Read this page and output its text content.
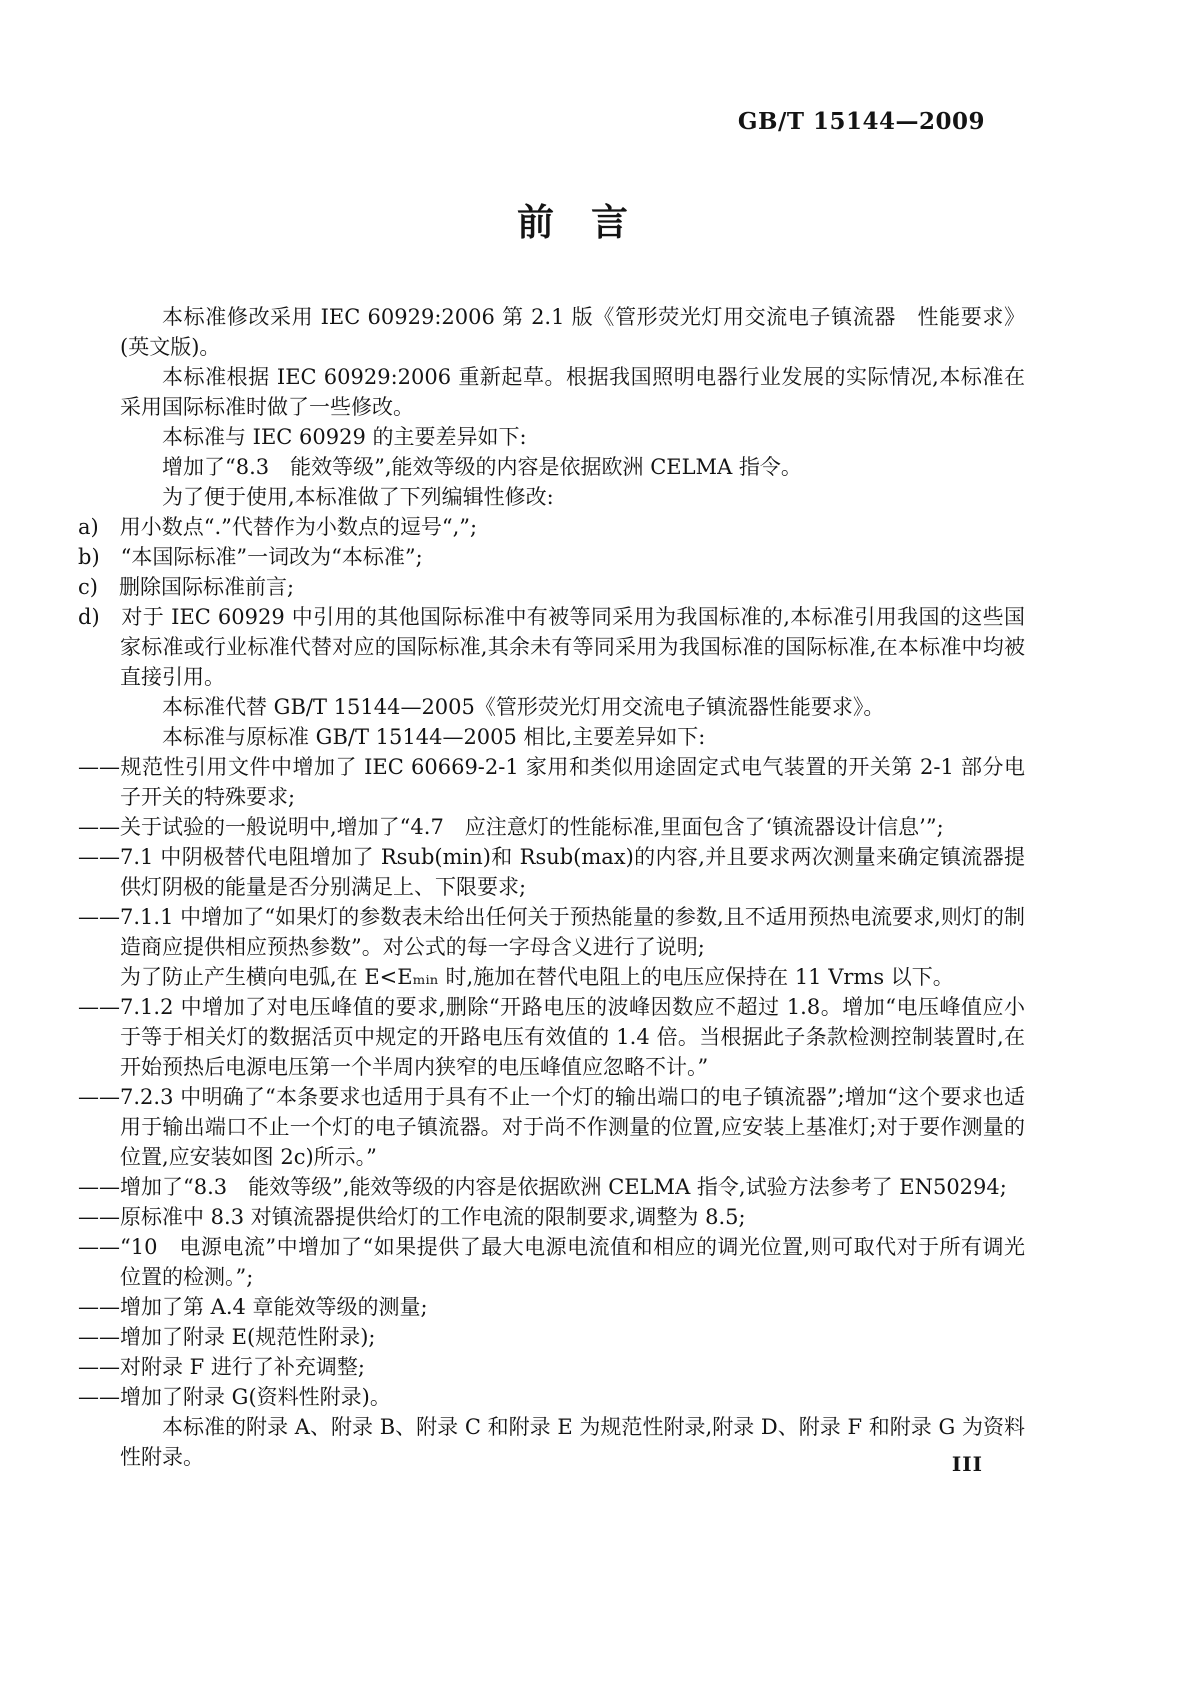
GB/T 15144—2009
前　言

本标准修改采用 IEC 60929:2006 第 2.1 版《管形荧光灯用交流电子镇流器　性能要求》(英文版)。

本标准根据 IEC 60929:2006 重新起草。根据我国照明电器行业发展的实际情况,本标准在采用国际标准时做了一些修改。

本标准与 IEC 60929 的主要差异如下:

增加了“8.3　能效等级”,能效等级的内容是依据欧洲 CELMA 指令。

为了便于使用,本标准做了下列编辑性修改:

a)　用小数点“.”代替作为小数点的逗号“,”;

b)　“本国际标准”一词改为“本标准”;

c)　删除国际标准前言;

d)　对于 IEC 60929 中引用的其他国际标准中有被等同采用为我国标准的,本标准引用我国的这些国家标准或行业标准代替对应的国际标准,其余未有等同采用为我国标准的国际标准,在本标准中均被直接引用。

本标准代替 GB/T 15144—2005《管形荧光灯用交流电子镇流器性能要求》。

本标准与原标准 GB/T 15144—2005 相比,主要差异如下:

——规范性引用文件中增加了 IEC 60669-2-1 家用和类似用途固定式电气装置的开关第 2-1 部分电子开关的特殊要求;

——关于试验的一般说明中,增加了“4.7　应注意灯的性能标准,里面包含了‘镇流器设计信息’”;

——7.1 中阴极替代电阻增加了 Rsub(min)和 Rsub(max)的内容,并且要求两次测量来确定镇流器提供灯阴极的能量是否分别满足上、下限要求;

——7.1.1 中增加了“如果灯的参数表未给出任何关于预热能量的参数,且不适用预热电流要求,则灯的制造商应提供相应预热参数”。对公式的每一字母含义进行了说明;

为了防止产生横向电弧,在 E<Eₘᵢₙ 时,施加在替代电阻上的电压应保持在 11 Vrms 以下。

——7.1.2 中增加了对电压峰值的要求,删除“开路电压的波峰因数应不超过 1.8。增加“电压峰值应小于等于相关灯的数据活页中规定的开路电压有效值的 1.4 倍。当根据此子条款检测控制装置时,在开始预热后电源电压第一个半周内狭窄的电压峰值应忽略不计。”

——7.2.3 中明确了“本条要求也适用于具有不止一个灯的输出端口的电子镇流器”;增加“这个要求也适用于输出端口不止一个灯的电子镇流器。对于尚不作测量的位置,应安装上基准灯;对于要作测量的位置,应安装如图 2c)所示。”

——增加了“8.3　能效等级”,能效等级的内容是依据欧洲 CELMA 指令,试验方法参考了 EN50294;

——原标准中 8.3 对镇流器提供给灯的工作电流的限制要求,调整为 8.5;

——“10　电源电流”中增加了“如果提供了最大电源电流值和相应的调光位置,则可取代对于所有调光位置的检测。”;

——增加了第 A.4 章能效等级的测量;

——增加了附录 E(规范性附录);

——对附录 F 进行了补充调整;

——增加了附录 G(资料性附录)。

本标准的附录 A、附录 B、附录 C 和附录 E 为规范性附录,附录 D、附录 F 和附录 G 为资料性附录。	III
